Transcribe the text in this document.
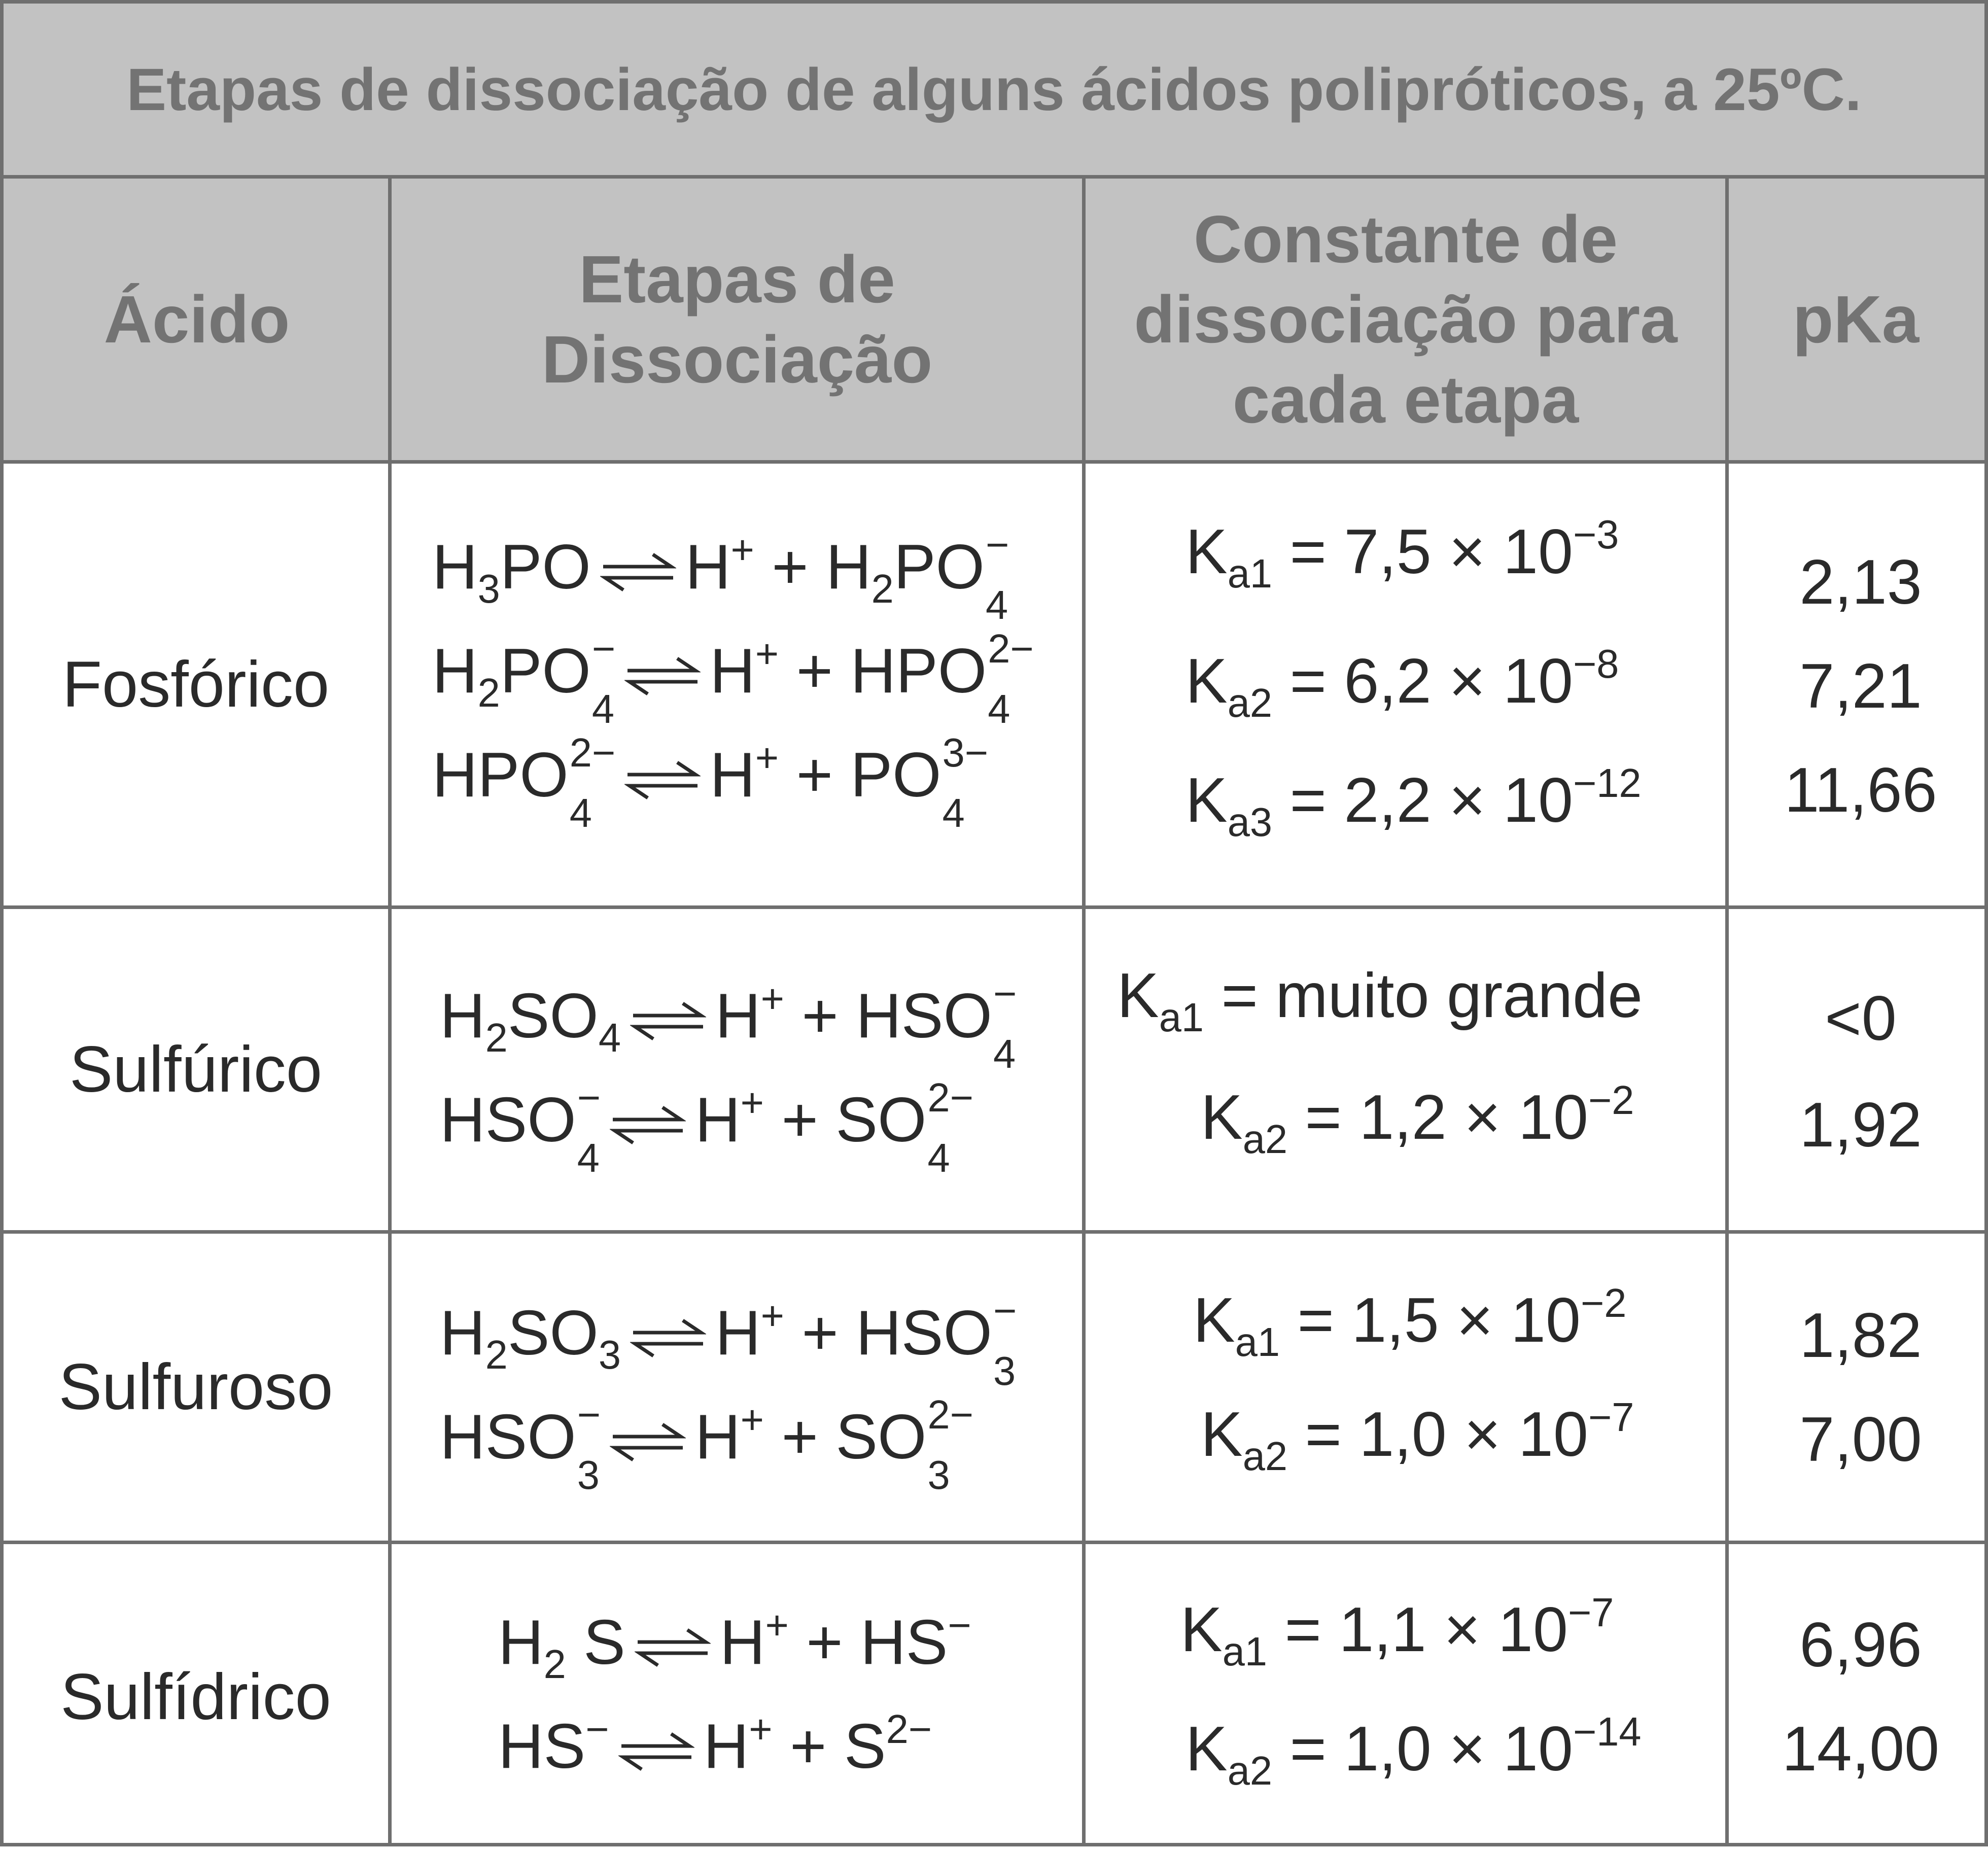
Etapas de dissociação de alguns ácidos polipróticos, a 25ºC.
Ácido
Etapas de
Dissociação
Constante de
dissociação para
cada etapa
pKa
Fosfórico
$H_3PO$ $H^+ + H_2PO$ −
4
$H_2PO$ −
4
H+ + HPO 2−
4
HPO 2−
4
H+ + PO 3−
4
$K_{a1} = 7,5 \times 10^{-3}$
$K_{a2} = 6,2 \times 10^{-8}$
$K_{a3} = 2,2 \times 10^{-12}$
2,13
7,21
11,66
Sulfúrico
$H_2SO_4$ H+ + HSO −
4
HSO −
4
H+ + SO 2−
4
$K_{a1}$ = muito grande
$K_{a2} = 1,2 \times 10^{-2}$
<0
1,92
Sulfuroso
$H_2SO_3$ H+ + HSO −
3
HSO −
3
H+ + SO 2−
3
$K_{a1} = 1,5 \times 10^{-2}$
$K_{a2} = 1,0 \times 10^{-7}$
1,82
7,00
Sulfídrico
$H_2$ S H+ + HS−
HS− $H^+ + S^{2-}$
$K_{a1} = 1,1 \times 10^{-7}$
$K_{a2} = 1,0 \times 10^{-14}$
6,96
14,00
